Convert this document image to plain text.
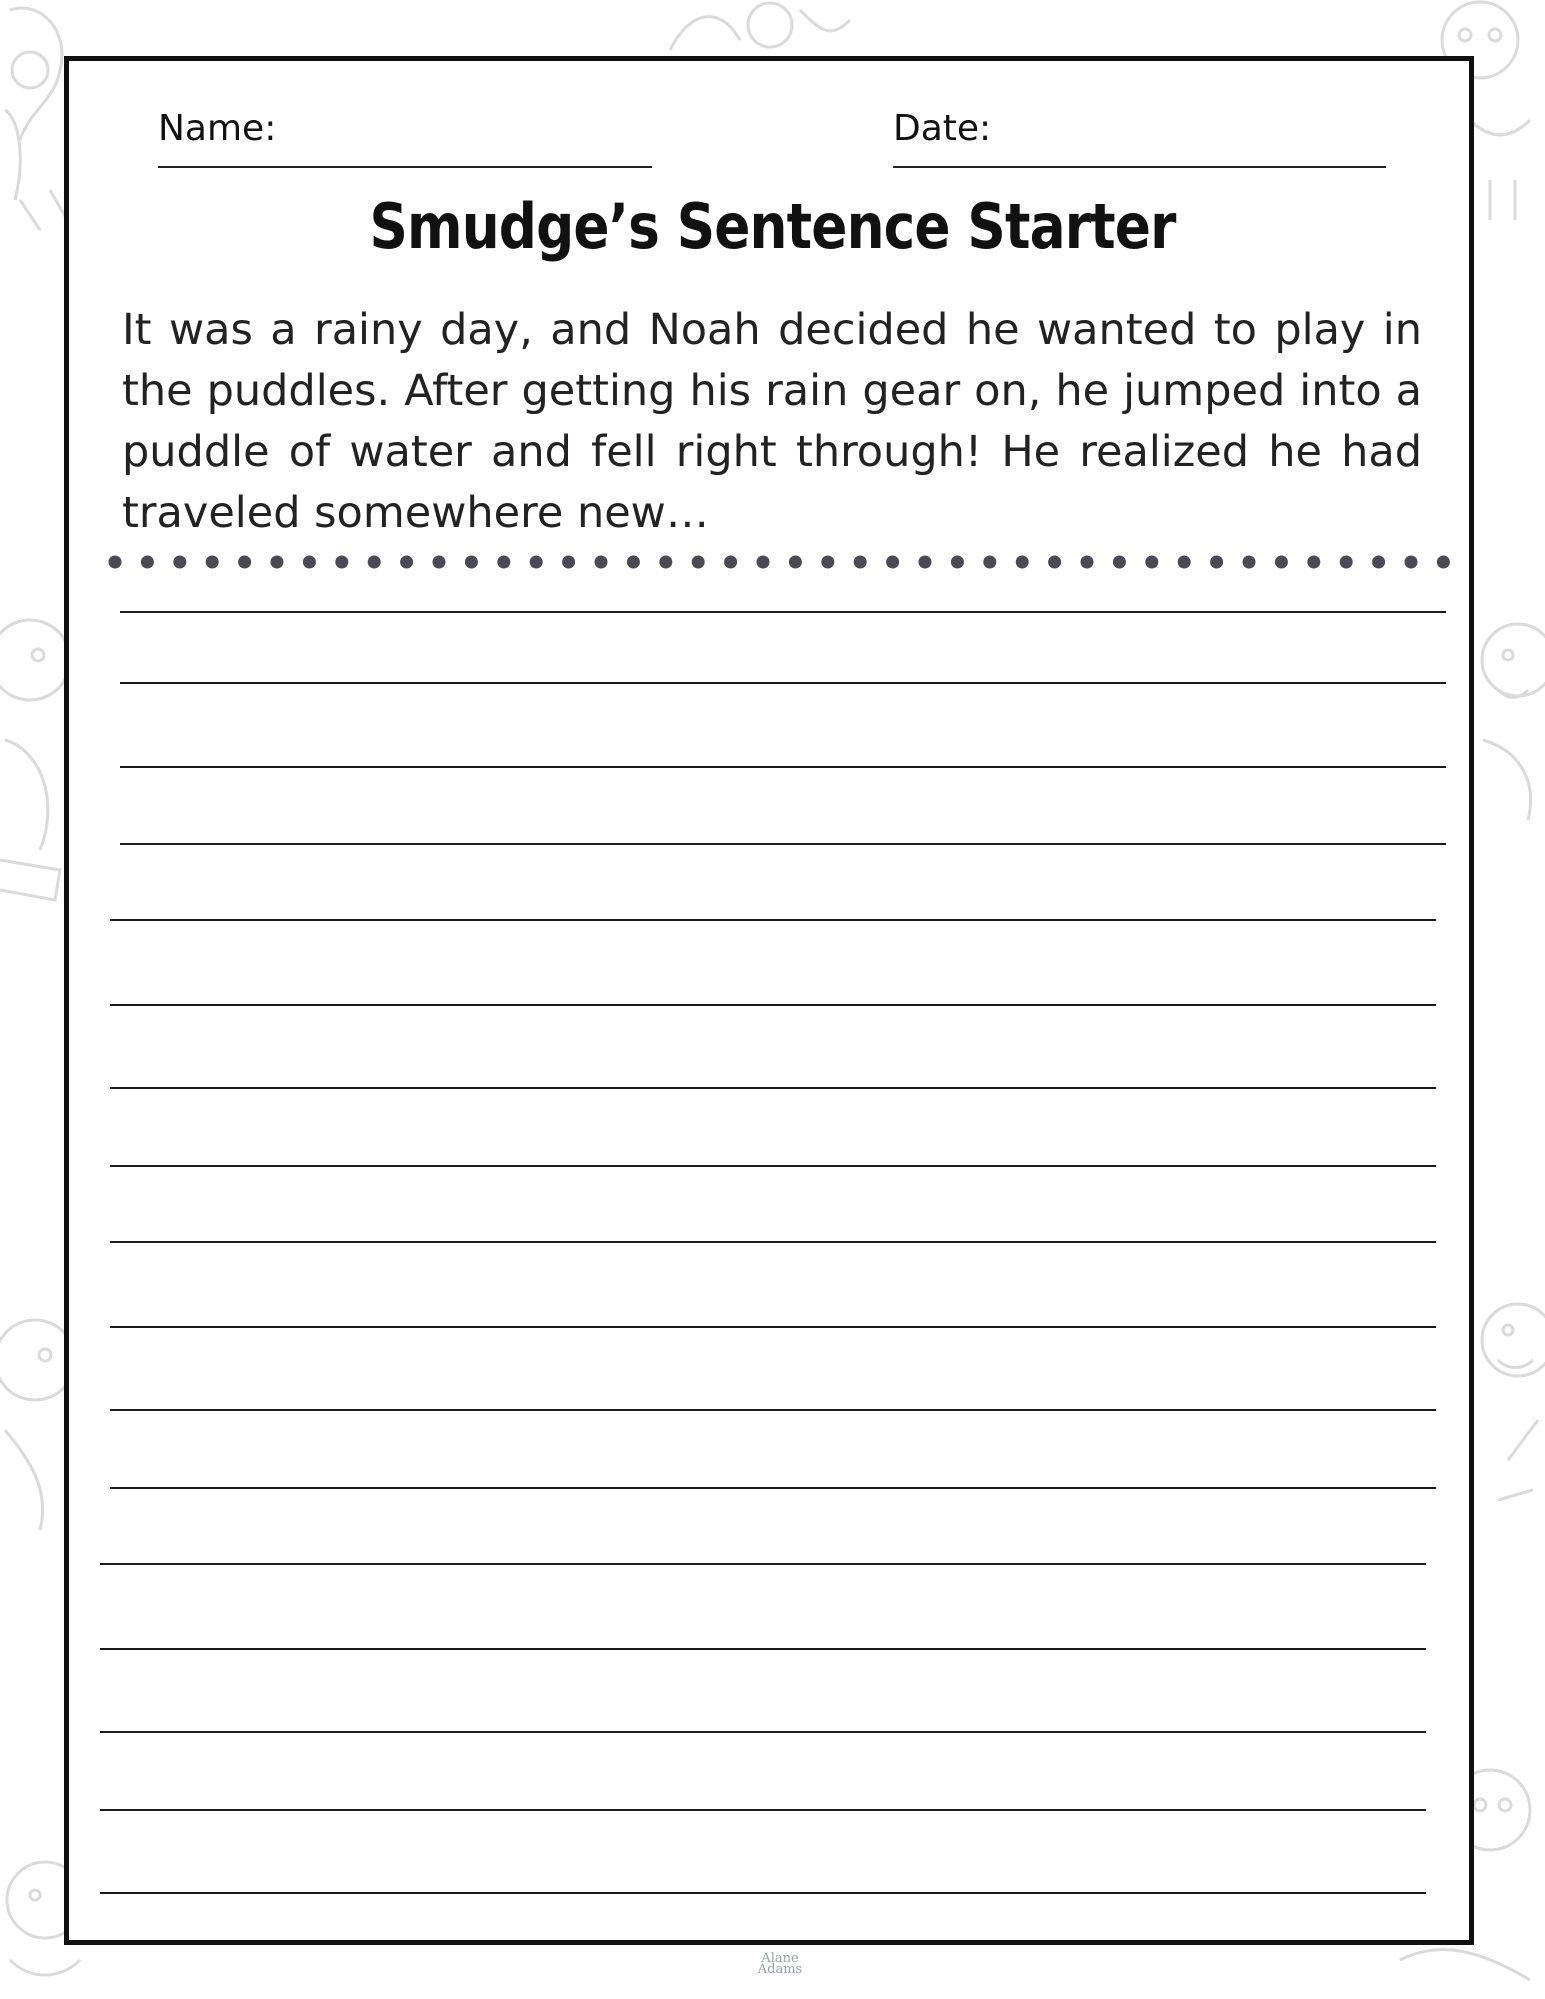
Name:	Date:
Smudge’s Sentence Starter

It was a rainy day, and Noah decided he wanted to play in the puddles. After getting his rain gear on, he jumped into a puddle of water and fell right through! He realized he had traveled somewhere new…

Alane
Adams
